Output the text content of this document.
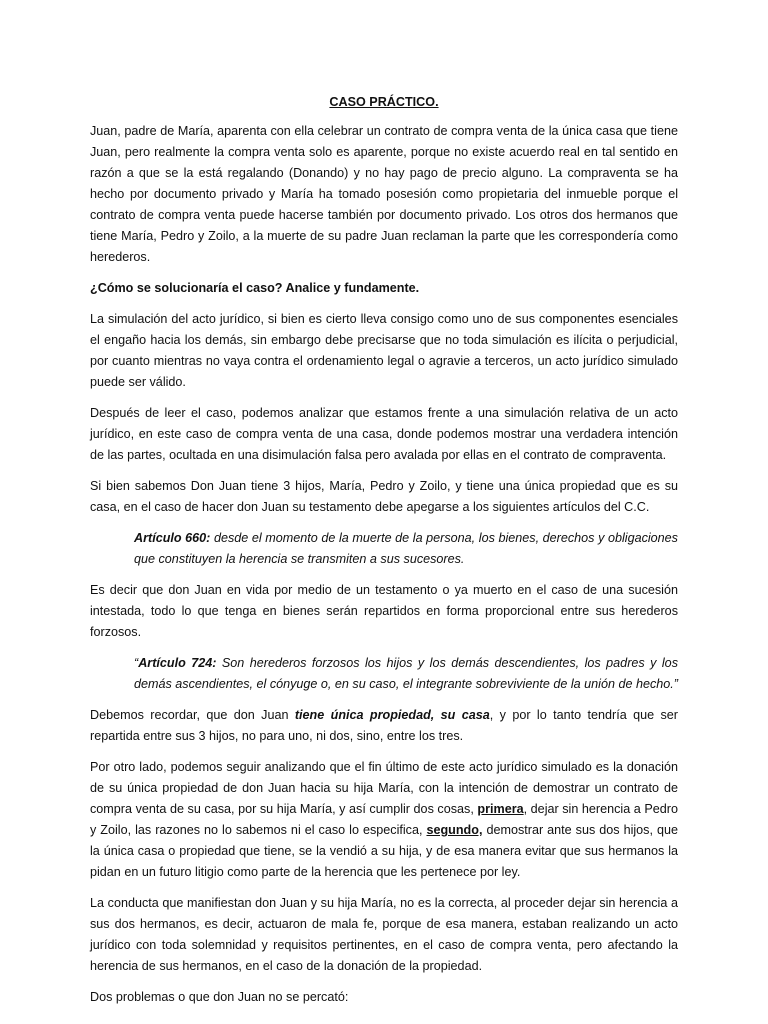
CASO PRÁCTICO.

Juan, padre de María, aparenta con ella celebrar un contrato de compra venta de la única casa que tiene Juan, pero realmente la compra venta solo es aparente, porque no existe acuerdo real en tal sentido en razón a que se la está regalando (Donando) y no hay pago de precio alguno. La compraventa se ha hecho por documento privado y María ha tomado posesión como propietaria del inmueble porque el contrato de compra venta puede hacerse también por documento privado. Los otros dos hermanos que tiene María, Pedro y Zoilo, a la muerte de su padre Juan reclaman la parte que les correspondería como herederos.

¿Cómo se solucionaría el caso? Analice y fundamente.

La simulación del acto jurídico, si bien es cierto lleva consigo como uno de sus componentes esenciales el engaño hacia los demás, sin embargo debe precisarse que no toda simulación es ilícita o perjudicial, por cuanto mientras no vaya contra el ordenamiento legal o agravie a terceros, un acto jurídico simulado puede ser válido.

Después de leer el caso, podemos analizar que estamos frente a una simulación relativa de un acto jurídico, en este caso de compra venta de una casa, donde podemos mostrar una verdadera intención de las partes, ocultada en una disimulación falsa pero avalada por ellas en el contrato de compraventa.

Si bien sabemos Don Juan tiene 3 hijos, María, Pedro y Zoilo, y tiene una única propiedad que es su casa, en el caso de hacer don Juan su testamento debe apegarse a los siguientes artículos del C.C.

Artículo 660: desde el momento de la muerte de la persona, los bienes, derechos y obligaciones que constituyen la herencia se transmiten a sus sucesores.

Es decir que don Juan en vida por medio de un testamento o ya muerto en el caso de una sucesión intestada, todo lo que tenga en bienes serán repartidos en forma proporcional entre sus herederos forzosos.

“Artículo 724: Son herederos forzosos los hijos y los demás descendientes, los padres y los demás ascendientes, el cónyuge o, en su caso, el integrante sobreviviente de la unión de hecho.”

Debemos recordar, que don Juan tiene única propiedad, su casa, y por lo tanto tendría que ser repartida entre sus 3 hijos, no para uno, ni dos, sino, entre los tres.

Por otro lado, podemos seguir analizando que el fin último de este acto jurídico simulado es la donación de su única propiedad de don Juan hacia su hija María, con la intención de demostrar un contrato de compra venta de su casa, por su hija María, y así cumplir dos cosas, primera, dejar sin herencia a Pedro y Zoilo, las razones no lo sabemos ni el caso lo especifica, segundo, demostrar ante sus dos hijos, que la única casa o propiedad que tiene, se la vendió a su hija, y de esa manera evitar que sus hermanos la pidan en un futuro litigio como parte de la herencia que les pertenece por ley.

La conducta que manifiestan don Juan y su hija María, no es la correcta, al proceder dejar sin herencia a sus dos hermanos, es decir, actuaron de mala fe, porque de esa manera, estaban realizando un acto jurídico con toda solemnidad y requisitos pertinentes, en el caso de compra venta, pero afectando la herencia de sus hermanos, en el caso de la donación de la propiedad.

Dos problemas o que don Juan no se percató:
